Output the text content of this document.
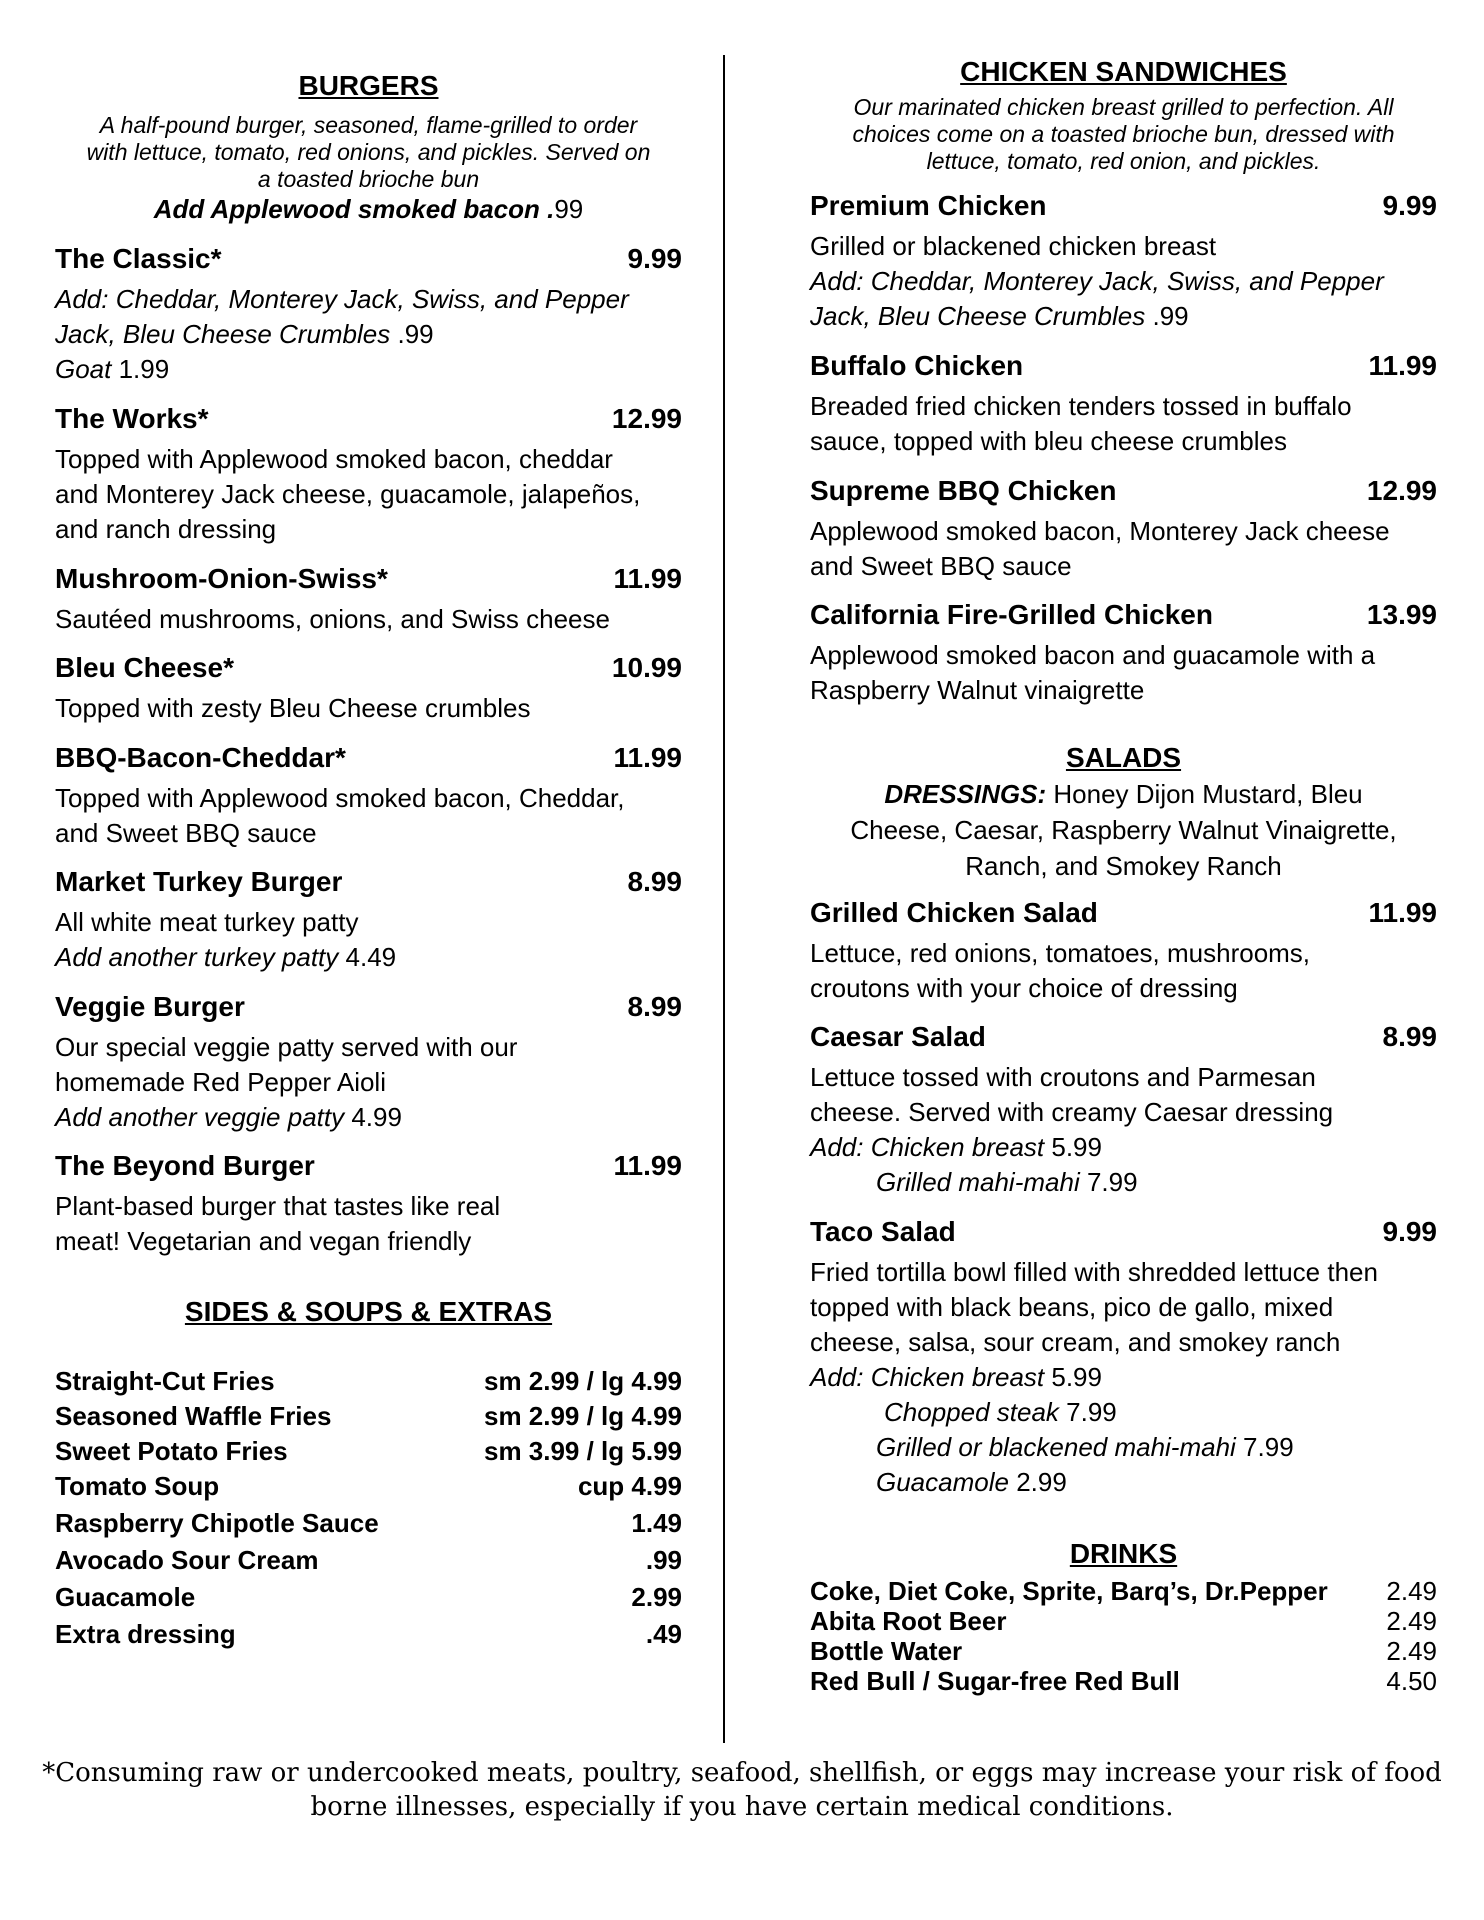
BURGERS
A half-pound burger, seasoned, flame-grilled to order
with lettuce, tomato, red onions, and pickles. Served on
a toasted brioche bun
Add Applewood smoked bacon .99
The Classic*	9.99
Add: Cheddar, Monterey Jack, Swiss, and Pepper
Jack, Bleu Cheese Crumbles .99
Goat 1.99
The Works*	12.99
Topped with Applewood smoked bacon, cheddar
and Monterey Jack cheese, guacamole, jalapeños,
and ranch dressing
Mushroom-Onion-Swiss*	11.99
Sautéed mushrooms, onions, and Swiss cheese
Bleu Cheese*	10.99
Topped with zesty Bleu Cheese crumbles
BBQ-Bacon-Cheddar*	11.99
Topped with Applewood smoked bacon, Cheddar,
and Sweet BBQ sauce
Market Turkey Burger	8.99
All white meat turkey patty
Add another turkey patty 4.49
Veggie Burger	8.99
Our special veggie patty served with our
homemade Red Pepper Aioli
Add another veggie patty 4.99
The Beyond Burger	11.99
Plant-based burger that tastes like real
meat! Vegetarian and vegan friendly
SIDES & SOUPS & EXTRAS
Straight-Cut Fries	sm 2.99 / lg 4.99
Seasoned Waffle Fries	sm 2.99 / lg 4.99
Sweet Potato Fries	sm 3.99 / lg 5.99
Tomato Soup	cup 4.99
Raspberry Chipotle Sauce	1.49
Avocado Sour Cream	.99
Guacamole	2.99
Extra dressing	.49
CHICKEN SANDWICHES
Our marinated chicken breast grilled to perfection. All
choices come on a toasted brioche bun, dressed with
lettuce, tomato, red onion, and pickles.
Premium Chicken	9.99
Grilled or blackened chicken breast
Add: Cheddar, Monterey Jack, Swiss, and Pepper
Jack, Bleu Cheese Crumbles .99
Buffalo Chicken	11.99
Breaded fried chicken tenders tossed in buffalo
sauce, topped with bleu cheese crumbles
Supreme BBQ Chicken	12.99
Applewood smoked bacon, Monterey Jack cheese
and Sweet BBQ sauce
California Fire-Grilled Chicken	13.99
Applewood smoked bacon and guacamole with a
Raspberry Walnut vinaigrette
SALADS
DRESSINGS: Honey Dijon Mustard, Bleu
Cheese, Caesar, Raspberry Walnut Vinaigrette,
Ranch, and Smokey Ranch
Grilled Chicken Salad	11.99
Lettuce, red onions, tomatoes, mushrooms,
croutons with your choice of dressing
Caesar Salad	8.99
Lettuce tossed with croutons and Parmesan
cheese. Served with creamy Caesar dressing
Add: Chicken breast 5.99
Grilled mahi-mahi 7.99
Taco Salad	9.99
Fried tortilla bowl filled with shredded lettuce then
topped with black beans, pico de gallo, mixed
cheese, salsa, sour cream, and smokey ranch
Add: Chicken breast 5.99
Chopped steak 7.99
Grilled or blackened mahi-mahi 7.99
Guacamole 2.99
DRINKS
Coke, Diet Coke, Sprite, Barq’s, Dr.Pepper 2.49
Abita Root Beer	2.49
Bottle Water	2.49
Red Bull / Sugar-free Red Bull	4.50
*Consuming raw or undercooked meats, poultry, seafood, shellfish, or eggs may increase your risk of food
borne illnesses, especially if you have certain medical conditions.
